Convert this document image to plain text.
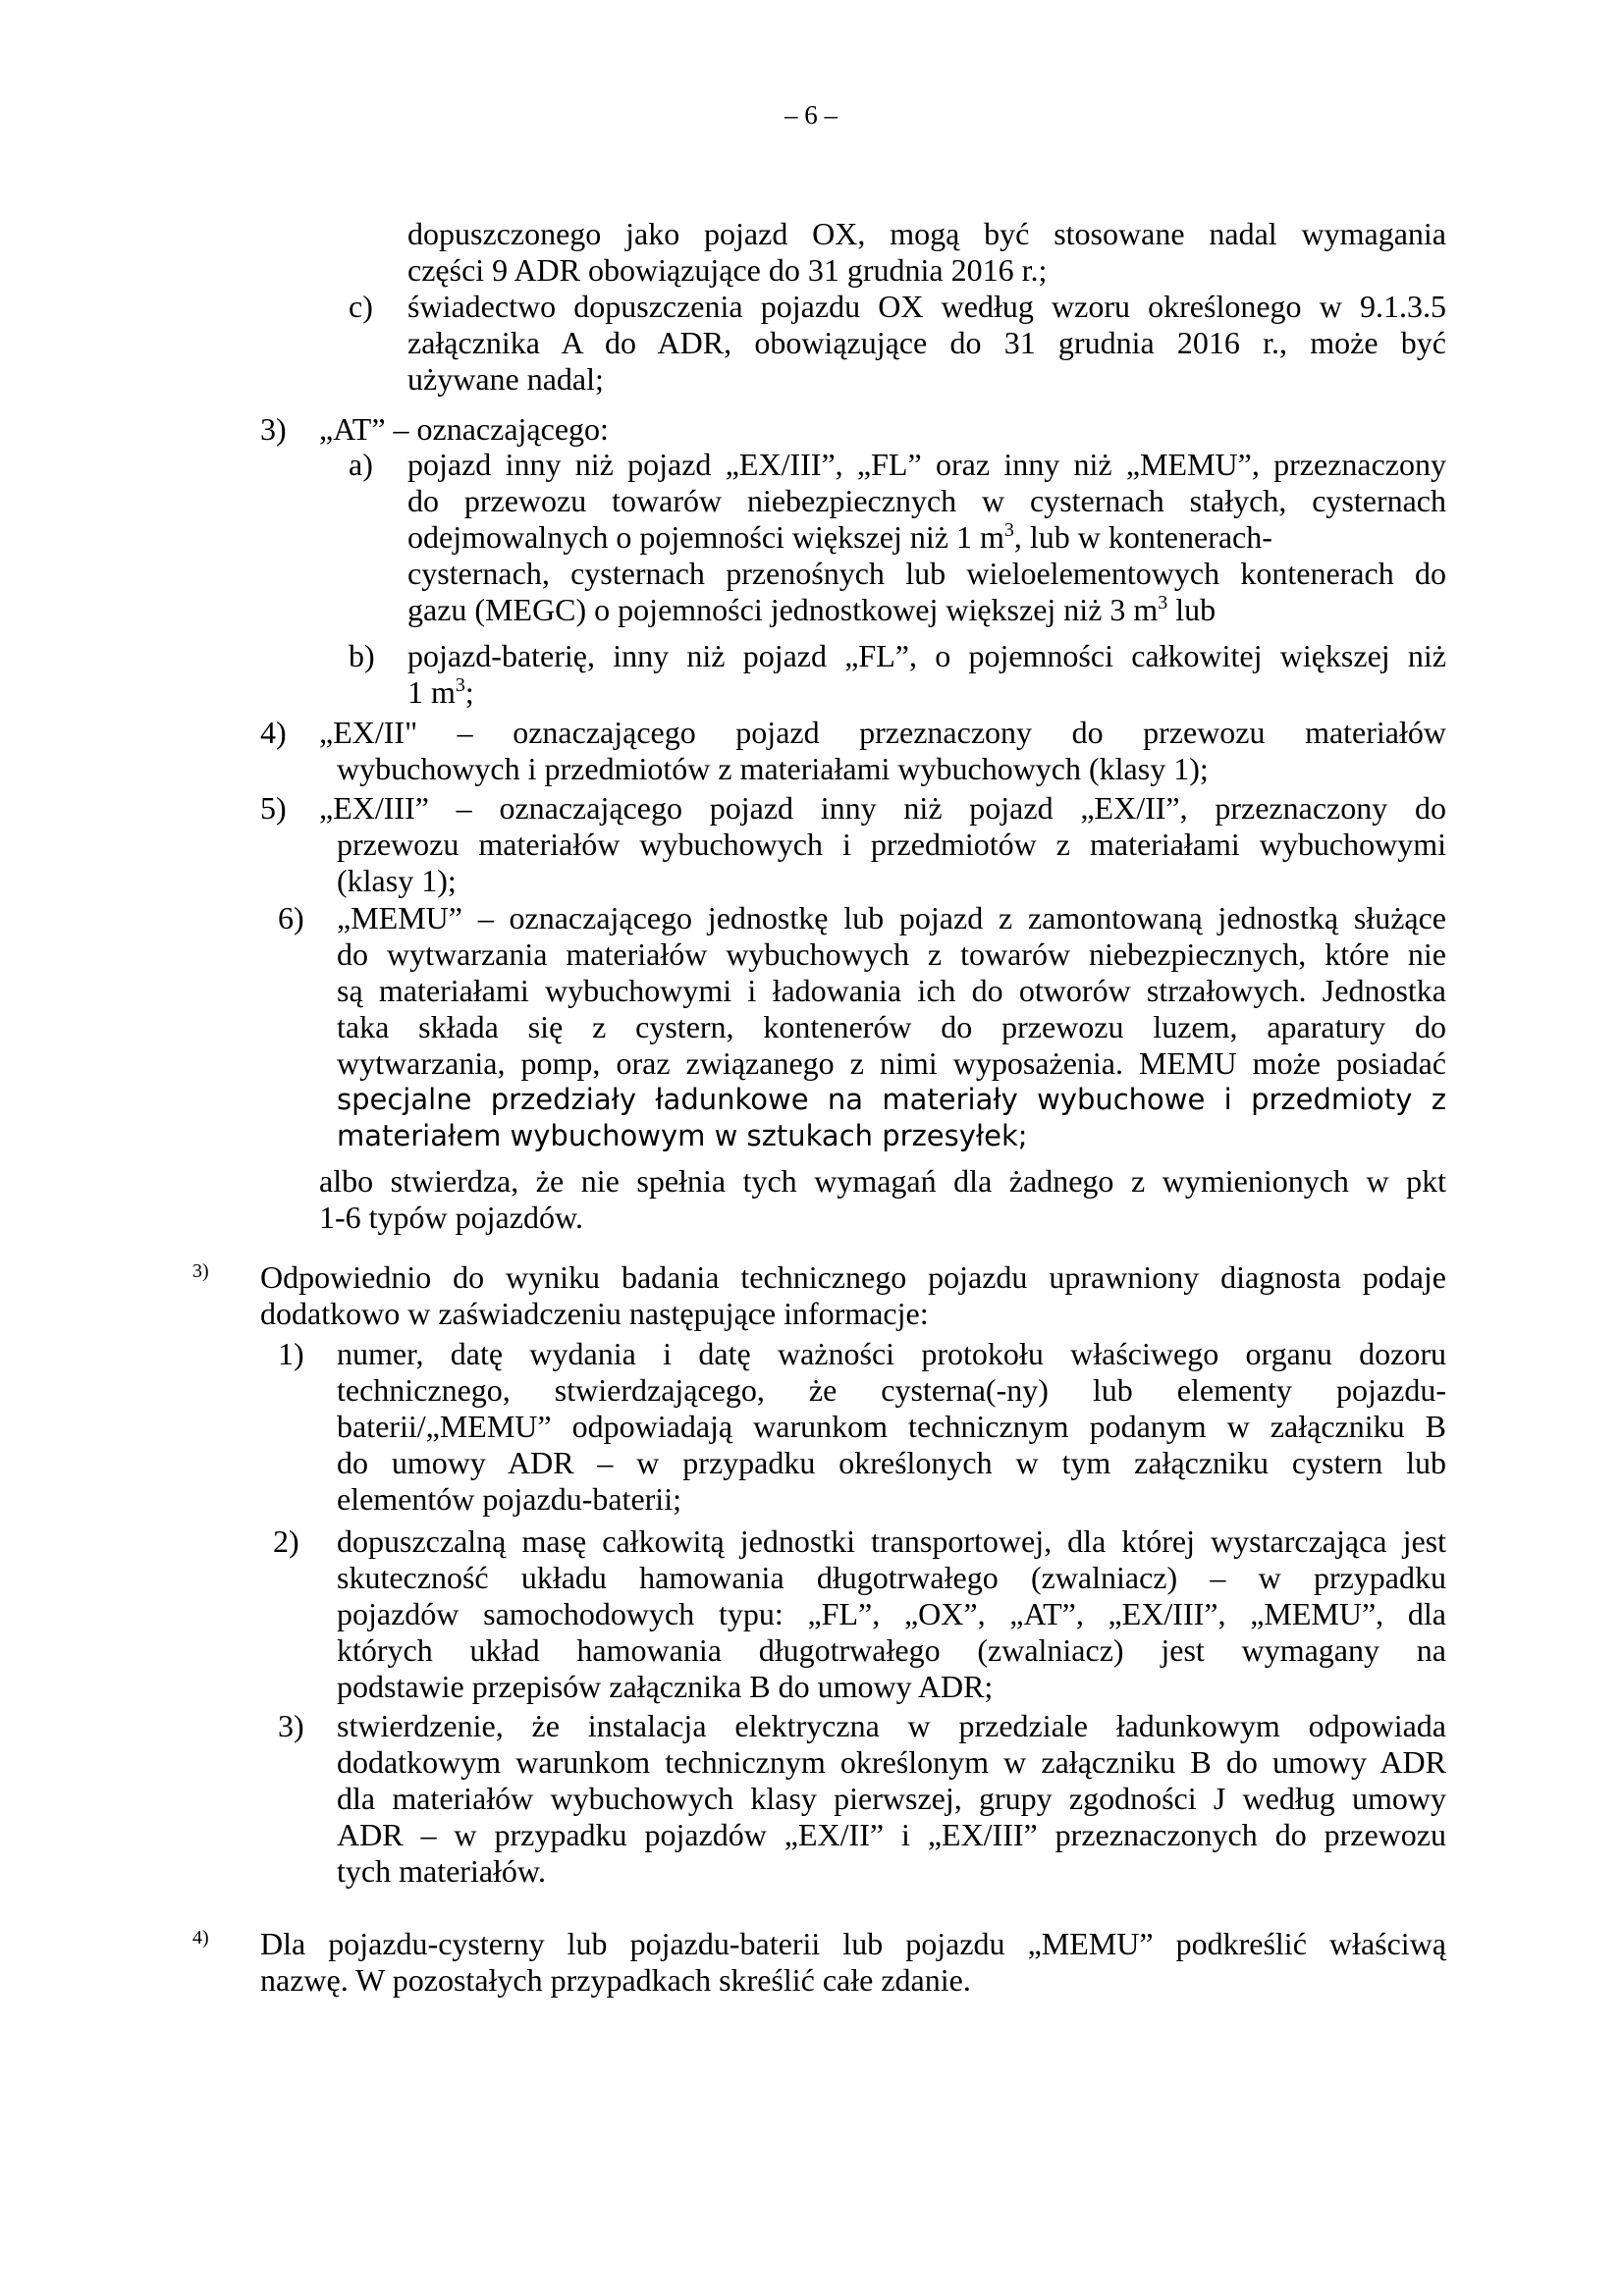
– 6 –
dopuszczonego jako pojazd OX, mogą być stosowane nadal wymagania
części 9 ADR obowiązujące do 31 grudnia 2016 r.;
c) świadectwo dopuszczenia pojazdu OX według wzoru określonego w 9.1.3.5
załącznika A do ADR, obowiązujące do 31 grudnia 2016 r., może być
używane nadal;
3) „AT” – oznaczającego:
a) pojazd inny niż pojazd „EX/III”, „FL” oraz inny niż „MEMU”, przeznaczony
do przewozu towarów niebezpiecznych w cysternach stałych, cysternach
odejmowalnych o pojemności większej niż 1 $m^3$, lub w kontenerach-
cysternach, cysternach przenośnych lub wieloelementowych kontenerach do
gazu (MEGC) o pojemności jednostkowej większej niż 3 $m^3$ lub
b) pojazd-baterię, inny niż pojazd „FL”, o pojemności całkowitej większej niż
1 $m^3$;
4) „EX/II" – oznaczającego pojazd przeznaczony do przewozu materiałów
wybuchowych i przedmiotów z materiałami wybuchowych (klasy 1);
5) „EX/III” – oznaczającego pojazd inny niż pojazd „EX/II”, przeznaczony do
przewozu materiałów wybuchowych i przedmiotów z materiałami wybuchowymi
(klasy 1);
6) „MEMU” – oznaczającego jednostkę lub pojazd z zamontowaną jednostką służące
do wytwarzania materiałów wybuchowych z towarów niebezpiecznych, które nie
są materiałami wybuchowymi i ładowania ich do otworów strzałowych. Jednostka
taka składa się z cystern, kontenerów do przewozu luzem, aparatury do
wytwarzania, pomp, oraz związanego z nimi wyposażenia. MEMU może posiadać
specjalne przedziały ładunkowe na materiały wybuchowe i przedmioty z
materiałem wybuchowym w sztukach przesyłek;
albo stwierdza, że nie spełnia tych wymagań dla żadnego z wymienionych w pkt
1-6 typów pojazdów.
3) Odpowiednio do wyniku badania technicznego pojazdu uprawniony diagnosta podaje
dodatkowo w zaświadczeniu następujące informacje:
1) numer, datę wydania i datę ważności protokołu właściwego organu dozoru
technicznego, stwierdzającego, że cysterna(-ny) lub elementy pojazdu-
baterii/„MEMU” odpowiadają warunkom technicznym podanym w załączniku B
do umowy ADR – w przypadku określonych w tym załączniku cystern lub
elementów pojazdu-baterii;
2) dopuszczalną masę całkowitą jednostki transportowej, dla której wystarczająca jest
skuteczność układu hamowania długotrwałego (zwalniacz) – w przypadku
pojazdów samochodowych typu: „FL”, „OX”, „AT”, „EX/III”, „MEMU”, dla
których układ hamowania długotrwałego (zwalniacz) jest wymagany na
podstawie przepisów załącznika B do umowy ADR;
3) stwierdzenie, że instalacja elektryczna w przedziale ładunkowym odpowiada
dodatkowym warunkom technicznym określonym w załączniku B do umowy ADR
dla materiałów wybuchowych klasy pierwszej, grupy zgodności J według umowy
ADR – w przypadku pojazdów „EX/II” i „EX/III” przeznaczonych do przewozu
tych materiałów.
4) Dla pojazdu-cysterny lub pojazdu-baterii lub pojazdu „MEMU” podkreślić właściwą
nazwę. W pozostałych przypadkach skreślić całe zdanie.
